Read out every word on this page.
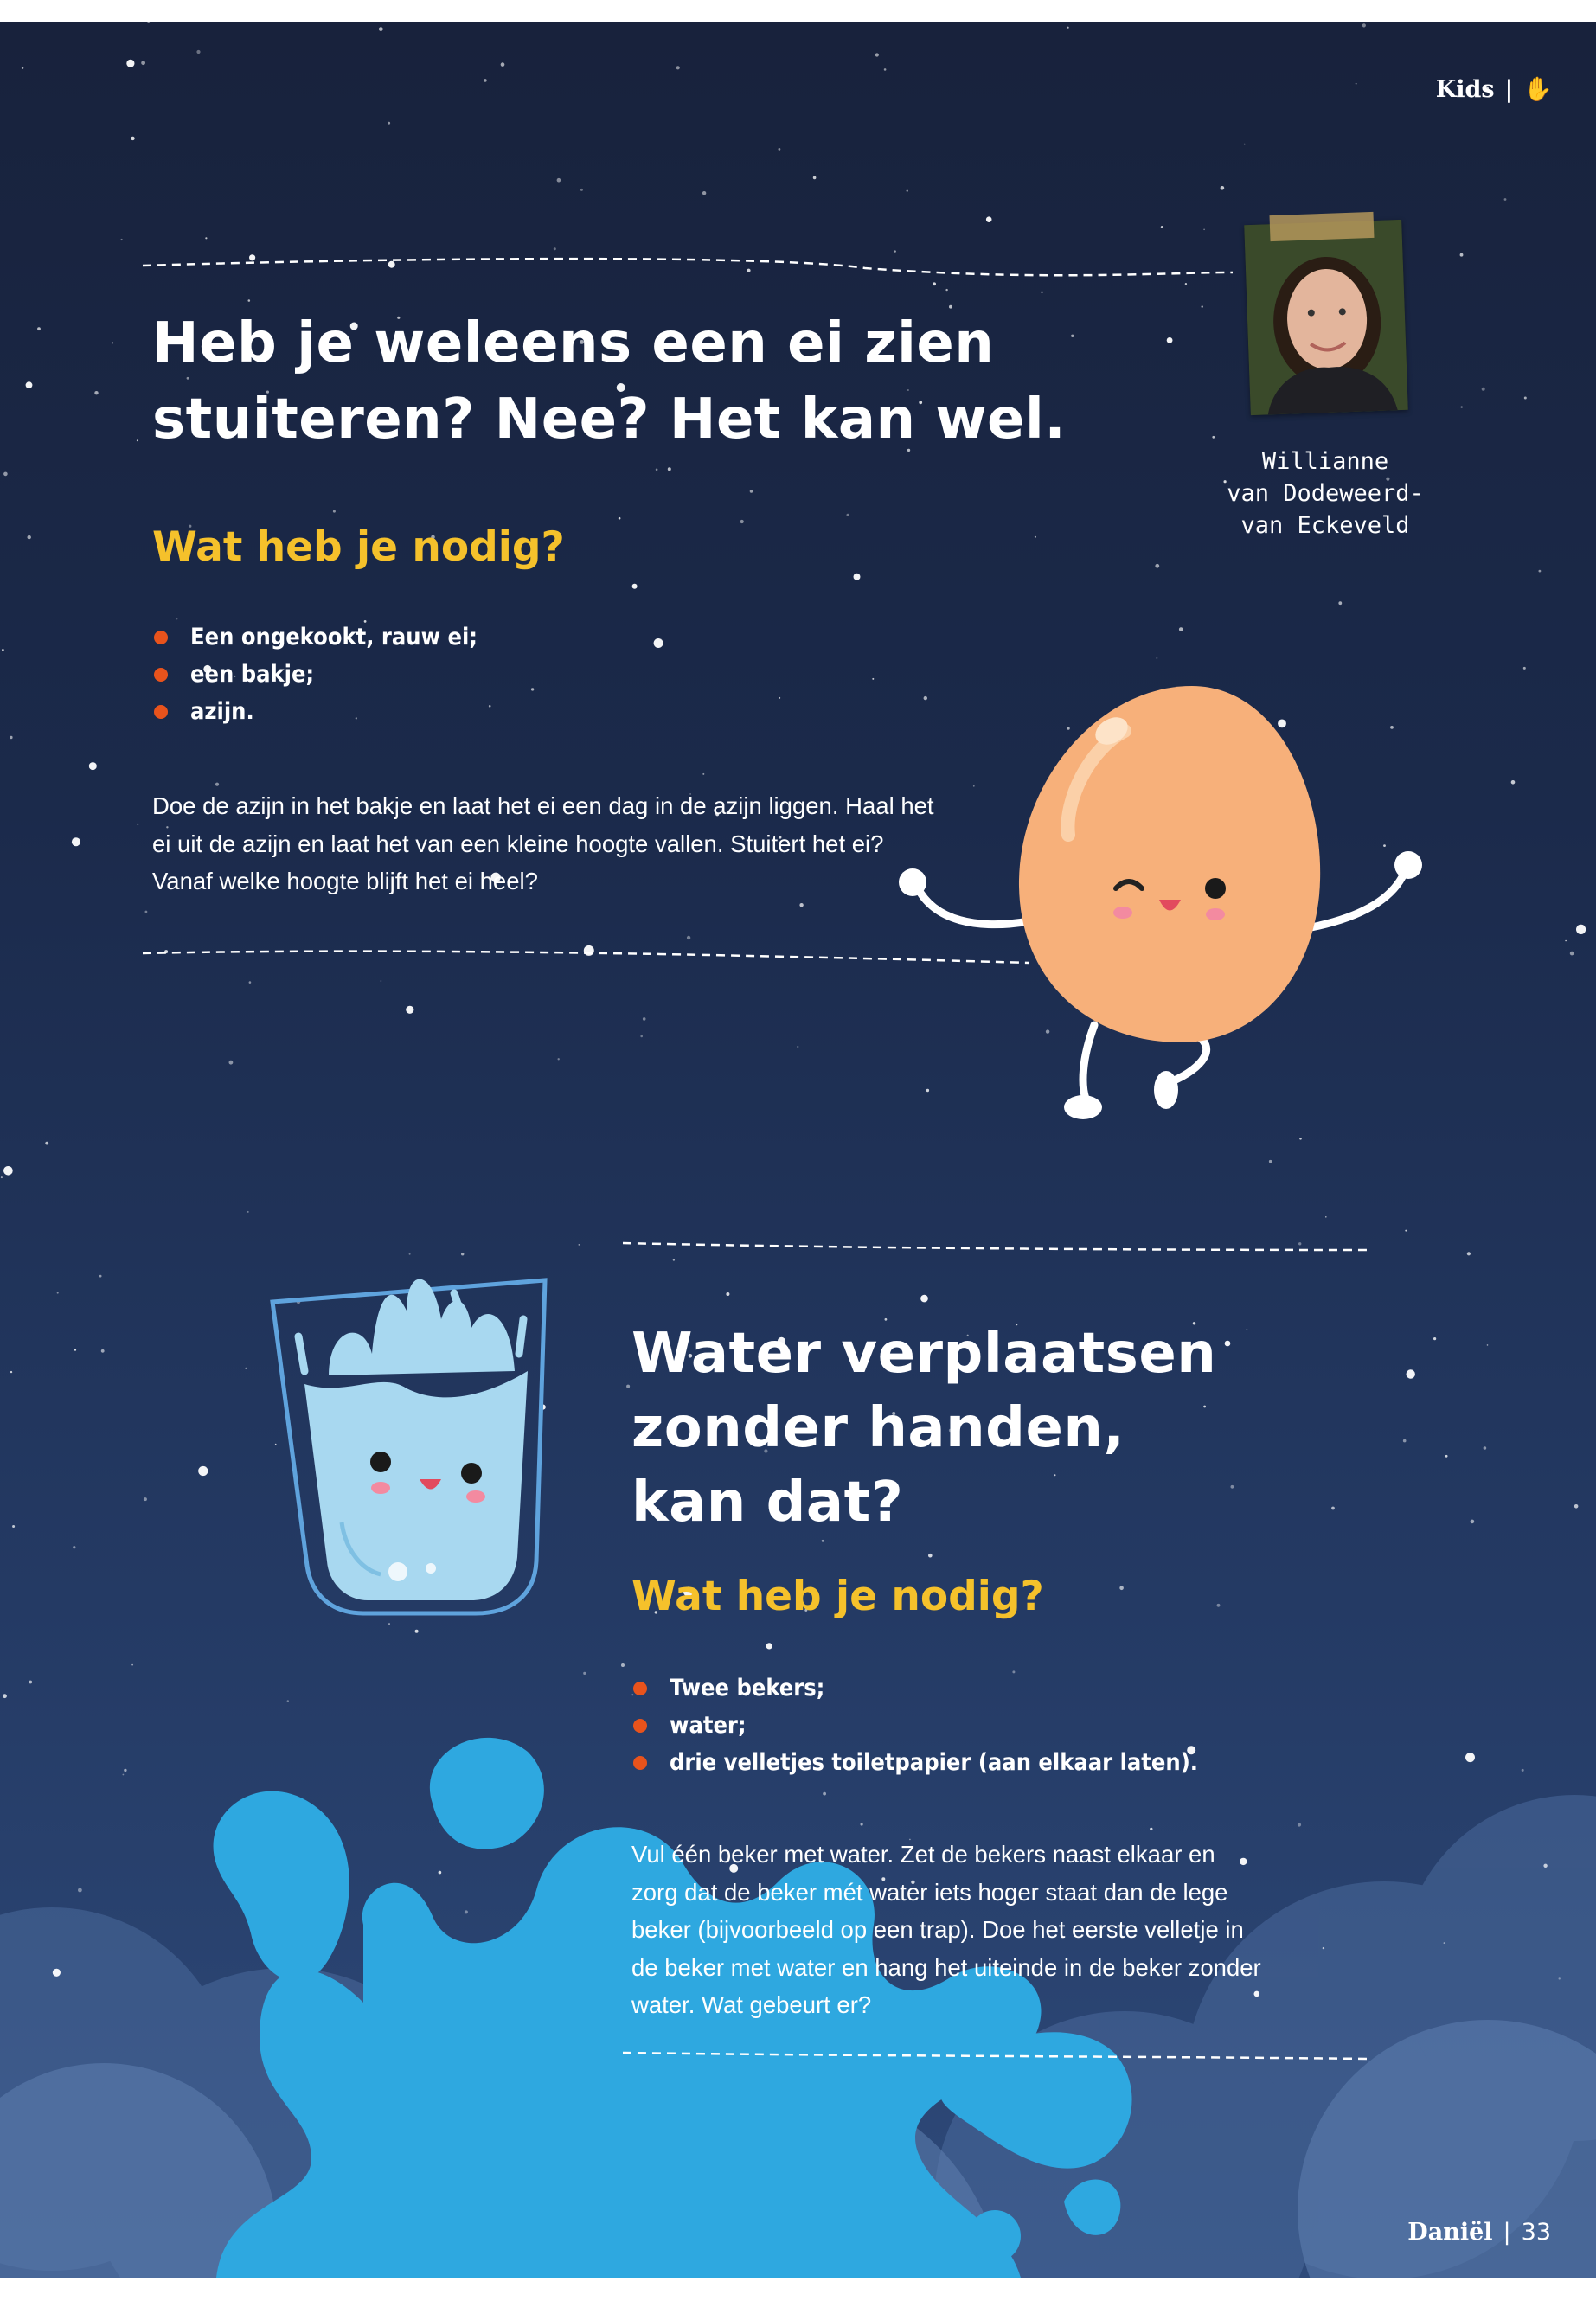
Kids | ✋
Willianne
van Dodeweerd-
van Eckeveld
Heb je weleens een ei zien
stuiteren? Nee? Het kan wel.
Wat heb je nodig?
Een ongekookt, rauw ei;
een bakje;
azijn.
Doe de azijn in het bakje en laat het ei een dag in de azijn liggen. Haal het
ei uit de azijn en laat het van een kleine hoogte vallen. Stuitert het ei?
Vanaf welke hoogte blijft het ei heel?
Water verplaatsen
zonder handen,
kan dat?
Wat heb je nodig?
Twee bekers;
water;
drie velletjes toiletpapier (aan elkaar laten).
Vul één beker met water. Zet de bekers naast elkaar en
zorg dat de beker mét water iets hoger staat dan de lege
beker (bijvoorbeeld op een trap). Doe het eerste velletje in
de beker met water en hang het uiteinde in de beker zonder
water. Wat gebeurt er?
Daniël | 33
